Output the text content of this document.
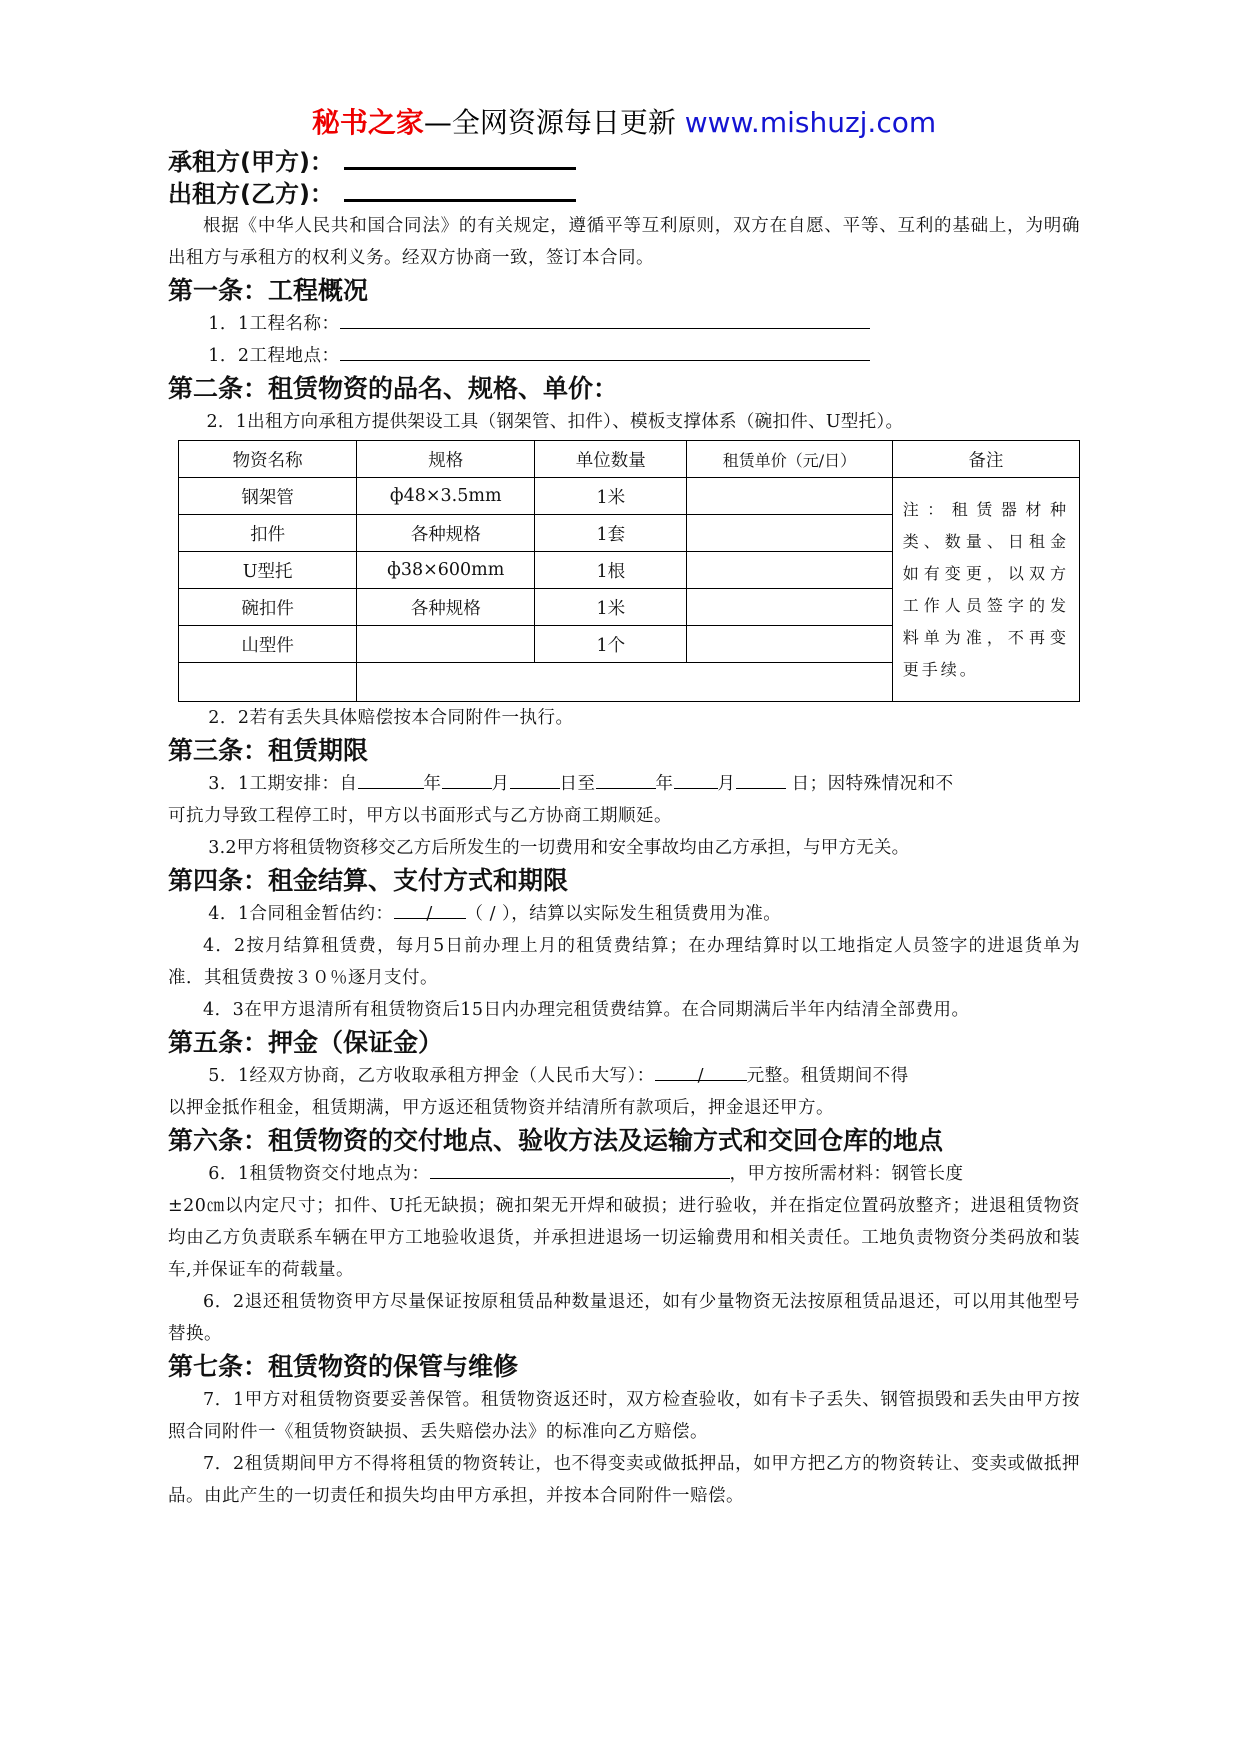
秘书之家—全网资源每日更新 www.mishuzj.com
承租方(甲方)：
出租方(乙方)：

根据《中华人民共和国合同法》的有关规定，遵循平等互利原则，双方在自愿、平等、互利的基础上，为明确出租方与承租方的权利义务。经双方协商一致，签订本合同。

第一条：工程概况
1．1工程名称：
1．2工程地点：
第二条：租赁物资的品名、规格、单价：
2．1出租方向承租方提供架设工具（钢架管、扣件）、模板支撑体系（碗扣件、U型托）。
物资名称	规格	单位数量	租赁单价（元/日）	备注
钢架管	ф48×3.5mm	1米		注：租赁器材种类、数量、日租金如有变更，以双方工作人员签字的发料单为准，不再变更手续。
扣件	各种规格	1套		
U型托	ф38×600mm	1根		
碗扣件	各种规格	1米		
山型件		1个		

2．2若有丢失具体赔偿按本合同附件一执行。
第三条：租赁期限
3．1工期安排：自	年	月	日至	年	月	日；因特殊情况和不
可抗力导致工程停工时，甲方以书面形式与乙方协商工期顺延。
3.2甲方将租赁物资移交乙方后所发生的一切费用和安全事故均由乙方承担，与甲方无关。
第四条：租金结算、支付方式和期限
4．1合同租金暂估约： / （ / ），结算以实际发生租赁费用为准。

4．2按月结算租赁费，每月5日前办理上月的租赁费结算；在办理结算时以工地指定人员签字的进退货单为准．其租赁费按３０％逐月支付。

4．3在甲方退清所有租赁物资后15日内办理完租赁费结算。在合同期满后半年内结清全部费用。

第五条：押金（保证金）
5．1经双方协商，乙方收取承租方押金（人民币大写）： / 元整。租赁期间不得
以押金抵作租金，租赁期满，甲方返还租赁物资并结清所有款项后，押金退还甲方。
第六条：租赁物资的交付地点、验收方法及运输方式和交回仓库的地点
6．1租赁物资交付地点为：	，甲方按所需材料：钢管长度

±20㎝以内定尺寸；扣件、U托无缺损；碗扣架无开焊和破损；进行验收，并在指定位置码放整齐；进退租赁物资均由乙方负责联系车辆在甲方工地验收退货，并承担进退场一切运输费用和相关责任。工地负责物资分类码放和装车,并保证车的荷载量。

6．2退还租赁物资甲方尽量保证按原租赁品种数量退还，如有少量物资无法按原租赁品退还，可以用其他型号替换。

第七条：租赁物资的保管与维修

7．1甲方对租赁物资要妥善保管。租赁物资返还时，双方检查验收，如有卡子丢失、钢管损毁和丢失由甲方按照合同附件一《租赁物资缺损、丢失赔偿办法》的标准向乙方赔偿。

7．2租赁期间甲方不得将租赁的物资转让，也不得变卖或做抵押品，如甲方把乙方的物资转让、变卖或做抵押品。由此产生的一切责任和损失均由甲方承担，并按本合同附件一赔偿。
